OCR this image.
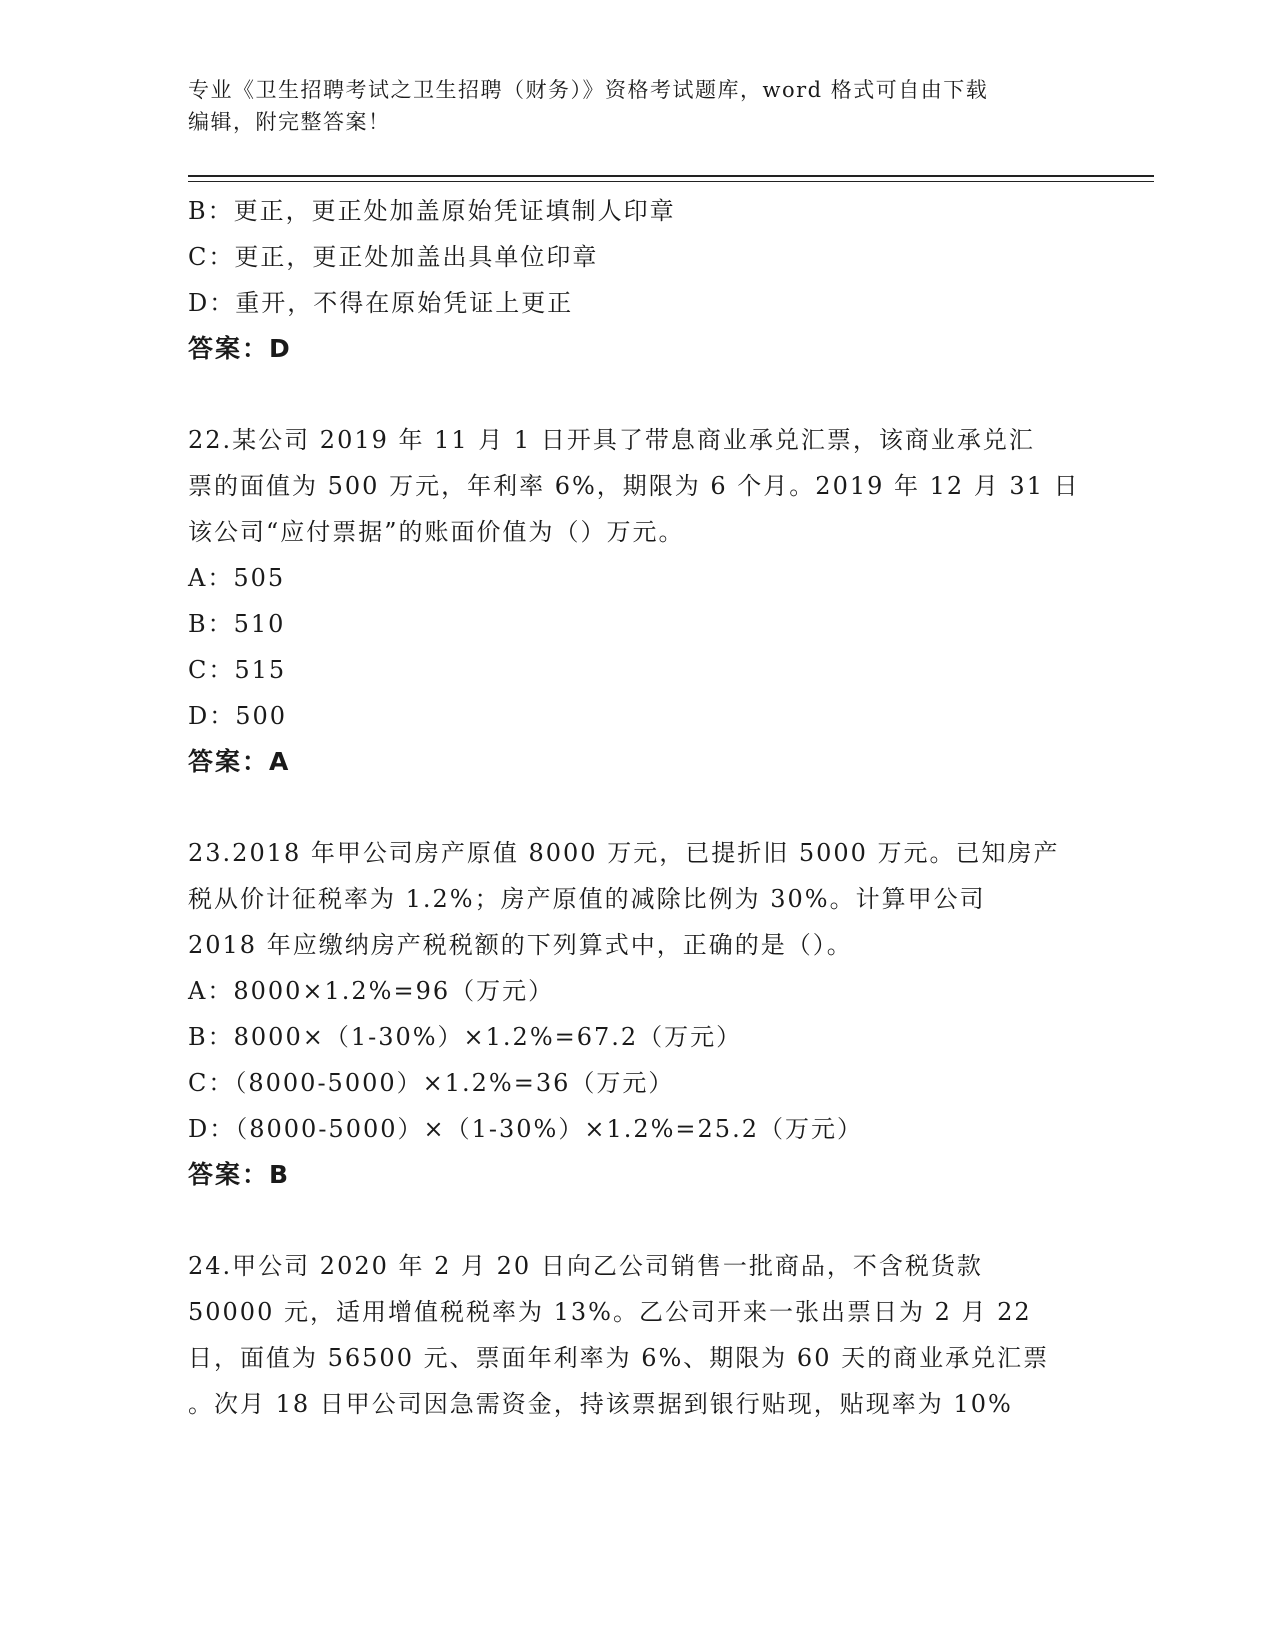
专业《卫生招聘考试之卫生招聘（财务）》资格考试题库，word 格式可自由下载
编辑，附完整答案！
B：更正，更正处加盖原始凭证填制人印章
C：更正，更正处加盖出具单位印章
D：重开，不得在原始凭证上更正
答案：D
22.某公司 2019 年 11 月 1 日开具了带息商业承兑汇票，该商业承兑汇
票的面值为 500 万元，年利率 6%，期限为 6 个月。2019 年 12 月 31 日
该公司“应付票据”的账面价值为（）万元。
A：505
B：510
C：515
D：500
答案：A
23.2018 年甲公司房产原值 8000 万元，已提折旧 5000 万元。已知房产
税从价计征税率为 1.2%；房产原值的减除比例为 30%。计算甲公司
2018 年应缴纳房产税税额的下列算式中，正确的是（）。
A：8000×1.2%=96（万元）
B：8000×（1-30%）×1.2%=67.2（万元）
C：（8000-5000）×1.2%=36（万元）
D：（8000-5000）×（1-30%）×1.2%=25.2（万元）
答案：B
24.甲公司 2020 年 2 月 20 日向乙公司销售一批商品，不含税货款
50000 元，适用增值税税率为 13%。乙公司开来一张出票日为 2 月 22
日，面值为 56500 元、票面年利率为 6%、期限为 60 天的商业承兑汇票
。次月 18 日甲公司因急需资金，持该票据到银行贴现，贴现率为 10%
